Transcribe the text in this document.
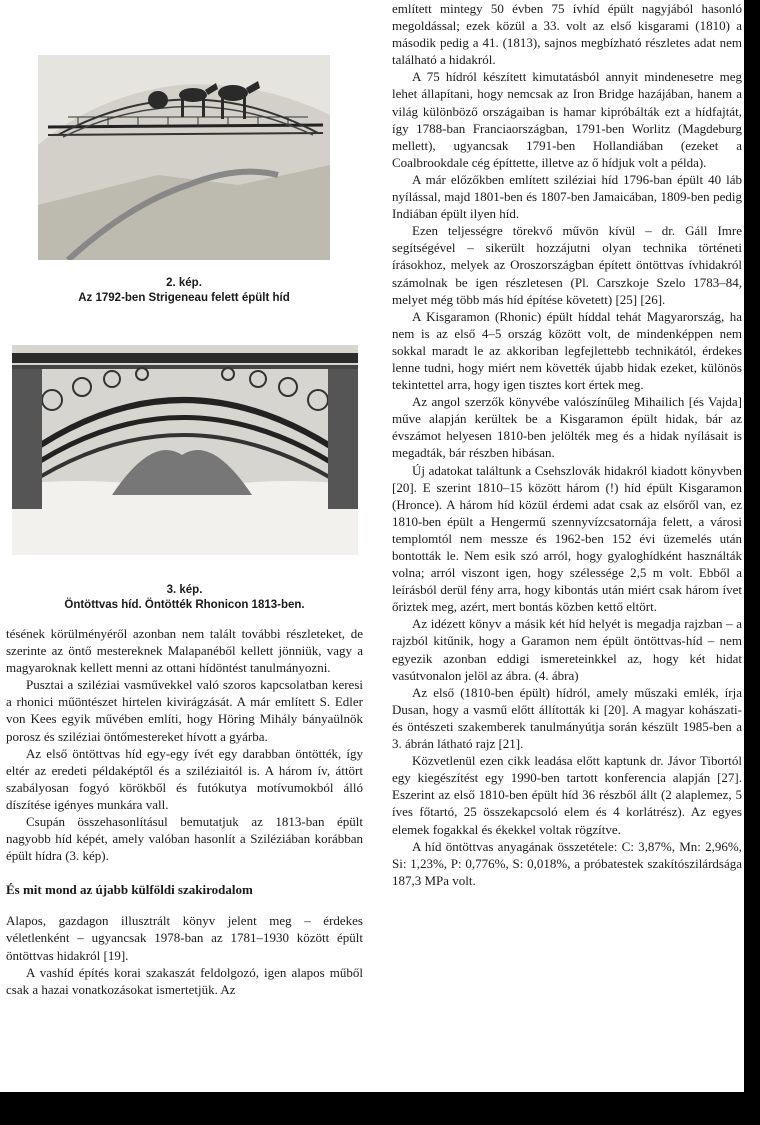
2. kép.
Az 1792-ben Strigeneau felett épült híd
3. kép.
Öntöttvas híd. Öntötték Rhonicon 1813-ben.

tésének körülményéről azonban nem talált további részleteket, de szerinte az öntő mestereknek Malapanéből kellett jönniük, vagy a magyaroknak kellett menni az ottani hídöntést tanulmányozni.

Pusztai a sziléziai vasművekkel való szoros kapcsolatban keresi a rhonici műöntészet hirtelen kivirágzását. A már említett S. Edler von Kees egyik művében említi, hogy Höring Mihály bányaülnök porosz és sziléziai öntőmestereket hívott a gyárba.

Az első öntöttvas híd egy-egy ívét egy darabban öntötték, így eltér az eredeti példaképtől és a sziléziaitól is. A három ív, áttört szabályosan fogyó körökből és futókutya motívumokból álló díszítése igényes munkára vall.

Csupán összehasonlításul bemutatjuk az 1813-ban épült nagyobb híd képét, amely valóban hasonlít a Sziléziában korábban épült hídra (3. kép).

És mit mond az újabb külföldi szakirodalom

Alapos, gazdagon illusztrált könyv jelent meg – érdekes véletlenként – ugyancsak 1978-ban az 1781–1930 között épült öntöttvas hidakról [19].

A vashíd építés korai szakaszát feldolgozó, igen alapos műből csak a hazai vonatkozásokat ismertetjük. Az

említett mintegy 50 évben 75 ívhíd épült nagyjából hasonló megoldással; ezek közül a 33. volt az első kisgarami (1810) a második pedig a 41. (1813), sajnos megbízható részletes adat nem található a hidakról.

A 75 hídról készített kimutatásból annyit mindenesetre meg lehet állapítani, hogy nemcsak az Iron Bridge hazájában, hanem a világ különböző országaiban is hamar kipróbálták ezt a hídfajtát, így 1788-ban Franciaországban, 1791-ben Worlitz (Magdeburg mellett), ugyancsak 1791-ben Hollandiában (ezeket a Coalbrookdale cég építtette, illetve az ő hídjuk volt a példa).

A már előzőkben említett sziléziai híd 1796-ban épült 40 láb nyílással, majd 1801-ben és 1807-ben Jamaicában, 1809-ben pedig Indiában épült ilyen híd.

Ezen teljességre törekvő művön kívül – dr. Gáll Imre segítségével – sikerült hozzájutni olyan technika történeti írásokhoz, melyek az Oroszországban épített öntöttvas ívhidakról számolnak be igen részletesen (Pl. Carszkoje Szelo 1783–84, melyet még több más híd építése követett) [25] [26].

A Kisgaramon (Rhonic) épült híddal tehát Magyarország, ha nem is az első 4–5 ország között volt, de mindenképpen nem sokkal maradt le az akkoriban legfejlettebb technikától, érdekes lenne tudni, hogy miért nem követték újabb hidak ezeket, különös tekintettel arra, hogy igen tisztes kort értek meg.

Az angol szerzők könyvébe valószínűleg Mihailich [és Vajda] műve alapján kerültek be a Kisgaramon épült hidak, bár az évszámot helyesen 1810-ben jelölték meg és a hidak nyílásait is megadták, bár részben hibásan.

Új adatokat találtunk a Csehszlovák hidakról kiadott könyvben [20]. E szerint 1810–15 között három (!) híd épült Kisgaramon (Hronce). A három híd közül érdemi adat csak az elsőről van, ez 1810-ben épült a Hengermű szennyvízcsatornája felett, a városi templomtól nem messze és 1962-ben 152 évi üzemelés után bontották le. Nem esik szó arról, hogy gyaloghídként használták volna; arról viszont igen, hogy szélessége 2,5 m volt. Ebből a leírásból derül fény arra, hogy kibontás után miért csak három ívet őriztek meg, azért, mert bontás közben kettő eltört.

Az idézett könyv a másik két híd helyét is megadja rajzban – a rajzból kitűnik, hogy a Garamon nem épült öntöttvas-híd – nem egyezik azonban eddigi ismereteinkkel az, hogy két hidat vasútvonalon jelöl az ábra. (4. ábra)

Az első (1810-ben épült) hídról, amely műszaki emlék, írja Dusan, hogy a vasmű előtt állították ki [20]. A magyar kohászati- és öntészeti szakemberek tanulmányútja során készült 1985-ben a 3. ábrán látható rajz [21].

Közvetlenül ezen cikk leadása előtt kaptunk dr. Jávor Tibortól egy kiegészítést egy 1990-ben tartott konferencia alapján [27]. Eszerint az első 1810-ben épült híd 36 részből állt (2 alaplemez, 5 íves főtartó, 25 összekapcsoló elem és 4 korlátrész). Az egyes elemek fogakkal és ékekkel voltak rögzítve.

A híd öntöttvas anyagának összetétele: C: 3,87%, Mn: 2,96%, Si: 1,23%, P: 0,776%, S: 0,018%, a próbatestek szakítószilárdsága 187,3 MPa volt.
